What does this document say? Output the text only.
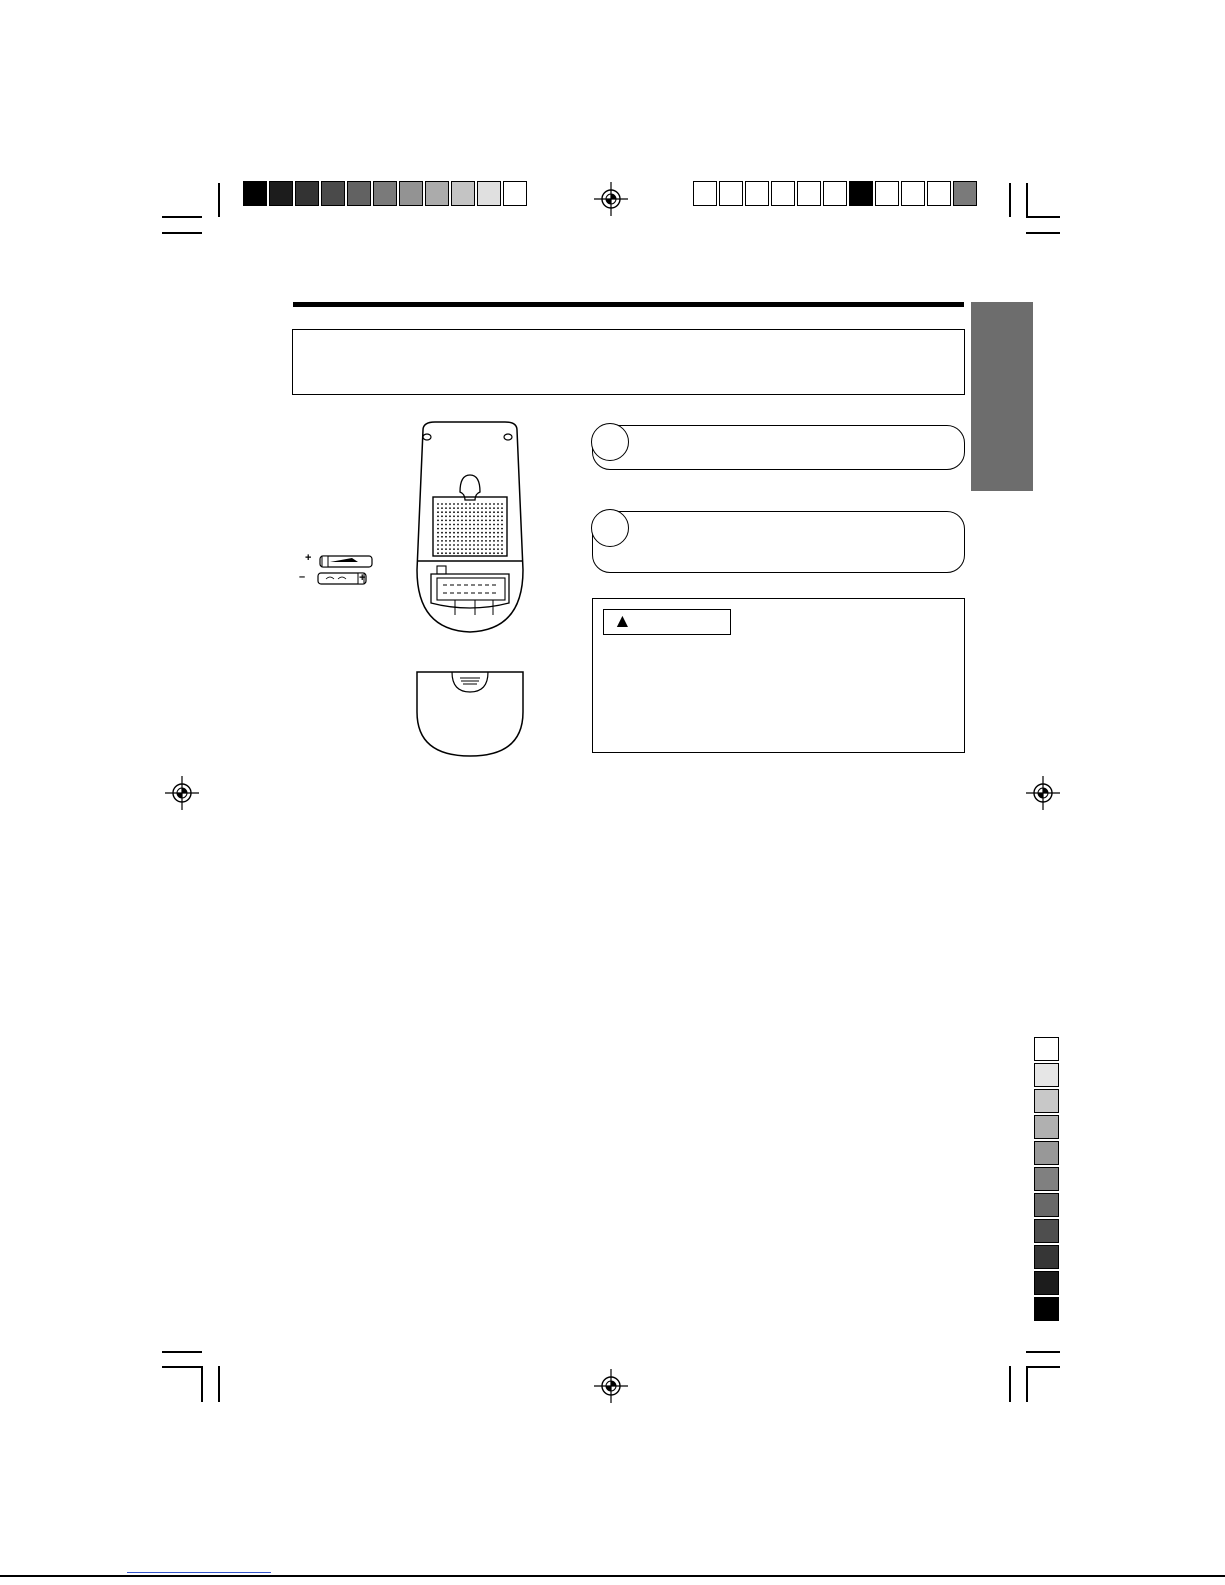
+
–	+
▲
